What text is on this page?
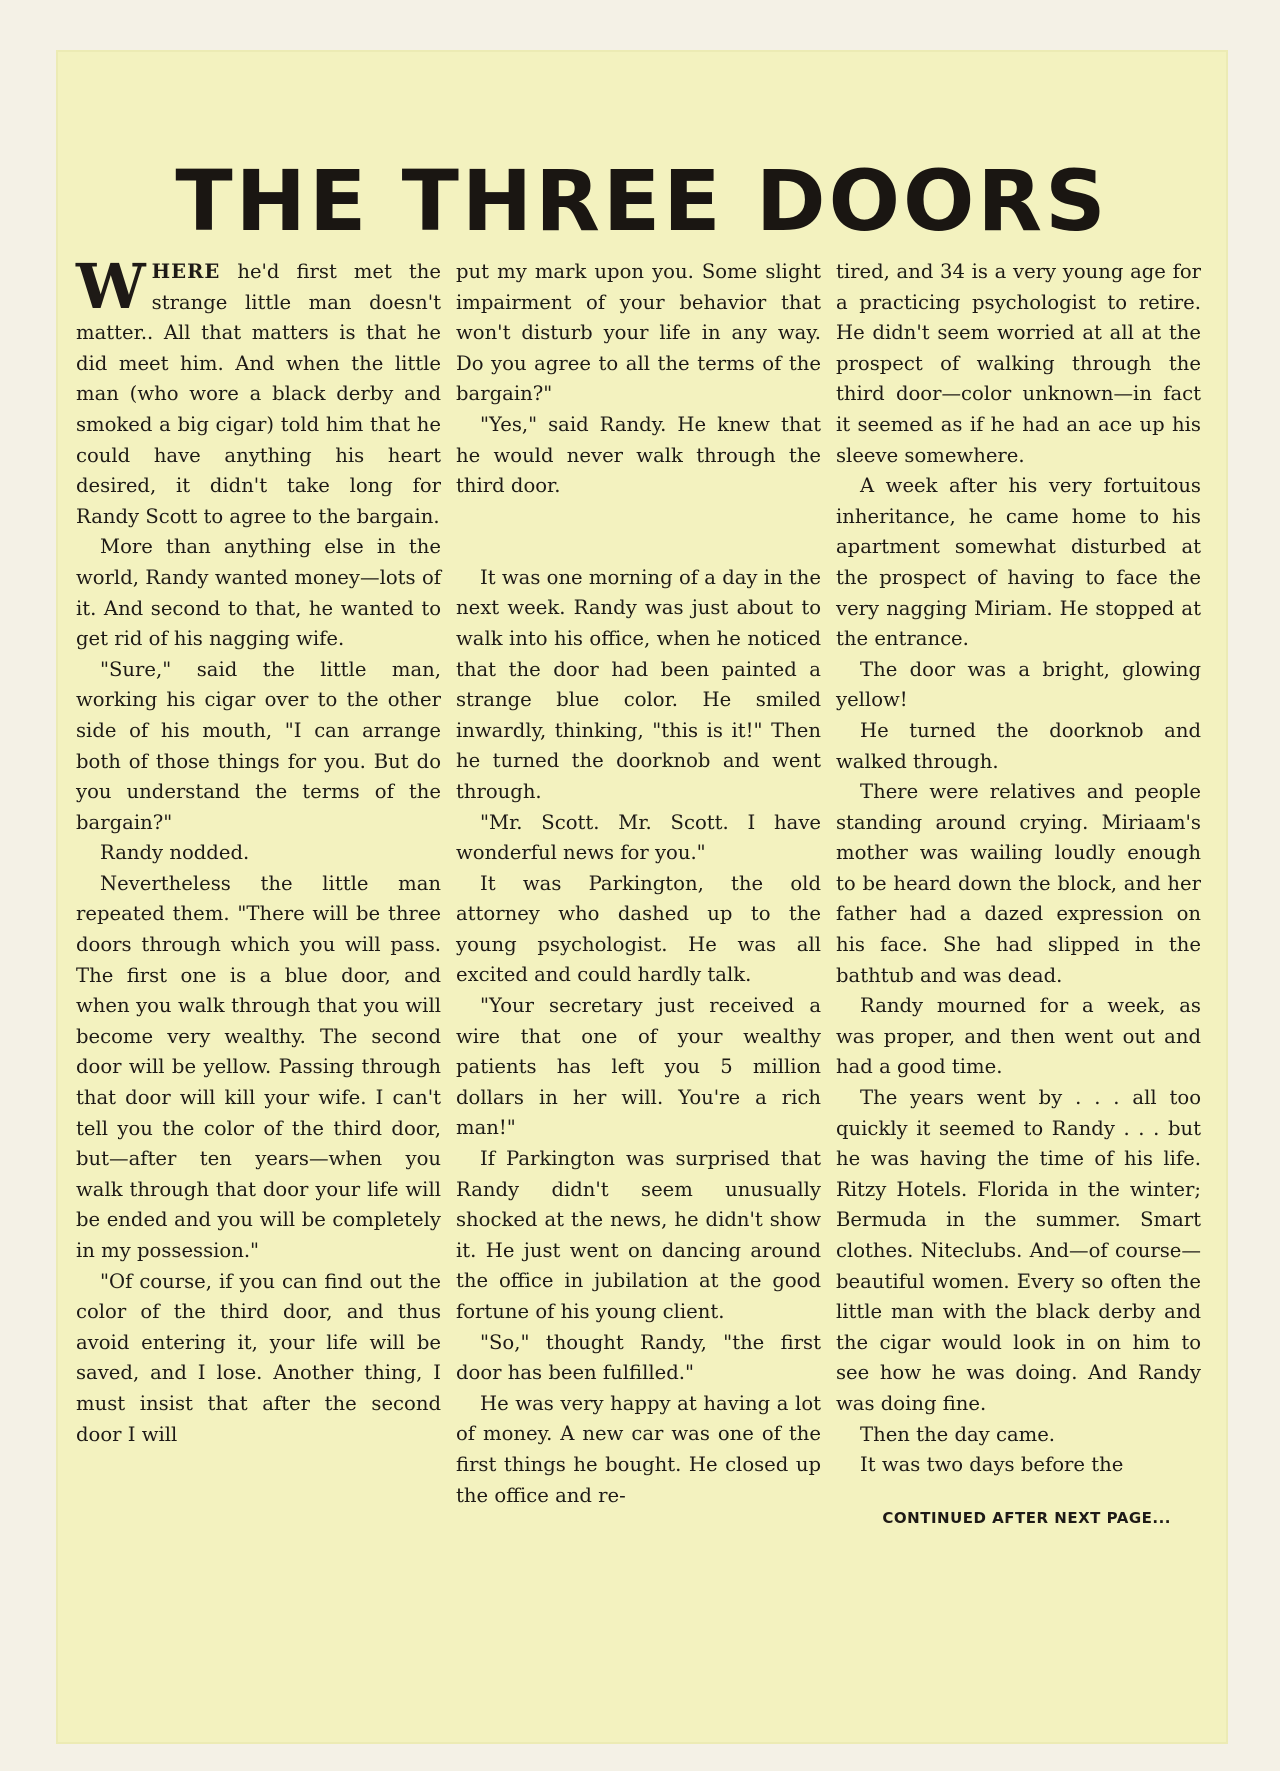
THE THREE DOORS

WHERE he'd first met the strange little man doesn't matter.. All that matters is that he did meet him. And when the little man (who wore a black derby and smoked a big cigar) told him that he could have anything his heart desired, it didn't take long for Randy Scott to agree to the bargain.

More than anything else in the world, Randy wanted money—lots of it. And second to that, he wanted to get rid of his nagging wife.

"Sure," said the little man, working his cigar over to the other side of his mouth, "I can arrange both of those things for you. But do you understand the terms of the bargain?"

Randy nodded.

Nevertheless the little man repeated them. "There will be three doors through which you will pass. The first one is a blue door, and when you walk through that you will become very wealthy. The second door will be yellow. Passing through that door will kill your wife. I can't tell you the color of the third door, but—after ten years—when you walk through that door your life will be ended and you will be completely in my possession."

"Of course, if you can find out the color of the third door, and thus avoid entering it, your life will be saved, and I lose. Another thing, I must insist that after the second door I will

put my mark upon you. Some slight impairment of your behavior that won't disturb your life in any way. Do you agree to all the terms of the bargain?"

"Yes," said Randy. He knew that he would never walk through the third door.

It was one morning of a day in the next week. Randy was just about to walk into his office, when he noticed that the door had been painted a strange blue color. He smiled inwardly, thinking, "this is it!" Then he turned the doorknob and went through.

"Mr. Scott. Mr. Scott. I have wonderful news for you."

It was Parkington, the old attorney who dashed up to the young psychologist. He was all excited and could hardly talk.

"Your secretary just received a wire that one of your wealthy patients has left you 5 million dollars in her will. You're a rich man!"

If Parkington was surprised that Randy didn't seem unusually shocked at the news, he didn't show it. He just went on dancing around the office in jubilation at the good fortune of his young client.

"So," thought Randy, "the first door has been fulfilled."

He was very happy at having a lot of money. A new car was one of the first things he bought. He closed up the office and re-

tired, and 34 is a very young age for a practicing psychologist to retire. He didn't seem worried at all at the prospect of walking through the third door—color unknown—in fact it seemed as if he had an ace up his sleeve somewhere.

A week after his very fortuitous inheritance, he came home to his apartment somewhat disturbed at the prospect of having to face the very nagging Miriam. He stopped at the entrance.

The door was a bright, glowing yellow!

He turned the doorknob and walked through.

There were relatives and people standing around crying. Miriaam's mother was wailing loudly enough to be heard down the block, and her father had a dazed expression on his face. She had slipped in the bathtub and was dead.

Randy mourned for a week, as was proper, and then went out and had a good time.

The years went by . . . all too quickly it seemed to Randy . . . but he was having the time of his life. Ritzy Hotels. Florida in the winter; Bermuda in the summer. Smart clothes. Niteclubs. And—of course—beautiful women. Every so often the little man with the black derby and the cigar would look in on him to see how he was doing. And Randy was doing fine.

Then the day came.

It was two days before the

CONTINUED AFTER NEXT PAGE...
